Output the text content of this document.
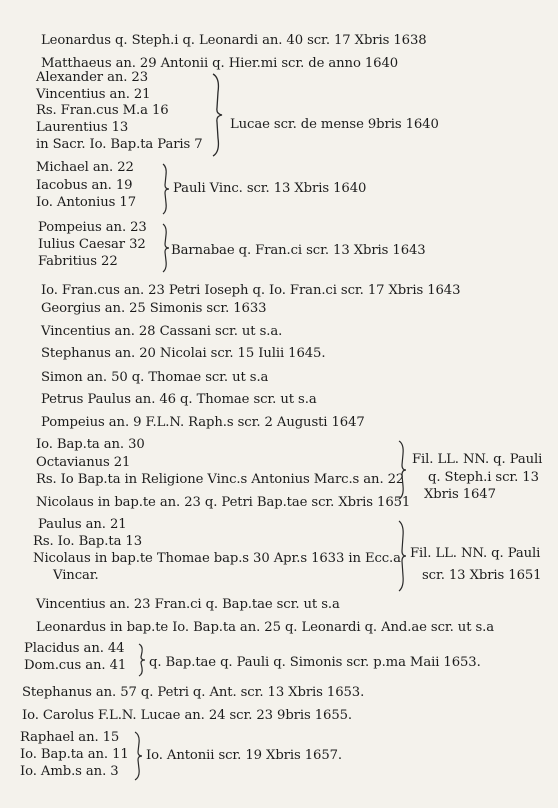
Leonardus q. Steph.i q. Leonardi an. 40 scr. 17 Xbris 1638
Matthaeus an. 29 Antonii q. Hier.mi scr. de anno 1640
Alexander an. 23
Vincentius an. 21
Rs. Fran.cus M.a 16
Laurentius 13
in Sacr. Io. Bap.ta Paris 7
Michael an. 22
Iacobus an. 19
Io. Antonius 17
Pompeius an. 23
Iulius Caesar 32
Fabritius 22
Io. Fran.cus an. 23 Petri Ioseph q. Io. Fran.ci scr. 17 Xbris 1643
Georgius an. 25 Simonis scr. 1633
Vincentius an. 28 Cassani scr. ut s.a.
Stephanus an. 20 Nicolai scr. 15 Iulii 1645.
Simon an. 50 q. Thomae scr. ut s.a
Petrus Paulus an. 46 q. Thomae scr. ut s.a
Pompeius an. 9 F.L.N. Raph.s scr. 2 Augusti 1647
Io. Bap.ta an. 30
Octavianus 21
Rs. Io Bap.ta in Religione Vinc.s Antonius Marc.s an. 22
Nicolaus in bap.te an. 23 q. Petri Bap.tae scr. Xbris 1651
Paulus an. 21
Rs. Io. Bap.ta 13
Nicolaus in bap.te Thomae bap.s 30 Apr.s 1633 in Ecc.a
Vincar.
Vincentius an. 23 Fran.ci q. Bap.tae scr. ut s.a
Leonardus in bap.te Io. Bap.ta an. 25 q. Leonardi q. And.ae scr. ut s.a
Placidus an. 44
Dom.cus an. 41
Stephanus an. 57 q. Petri q. Ant. scr. 13 Xbris 1653.
Io. Carolus F.L.N. Lucae an. 24 scr. 23 9bris 1655.
Raphael an. 15
Io. Bap.ta an. 11
Io. Amb.s an. 3
Lucae scr. de mense 9bris 1640
Pauli Vinc. scr. 13 Xbris 1640
Barnabae q. Fran.ci scr. 13 Xbris 1643
Fil. LL. NN. q. Pauli
q. Steph.i scr. 13
Xbris 1647
Fil. LL. NN. q. Pauli
scr. 13 Xbris 1651
q. Bap.tae q. Pauli q. Simonis scr. p.ma Maii 1653.
Io. Antonii scr. 19 Xbris 1657.
